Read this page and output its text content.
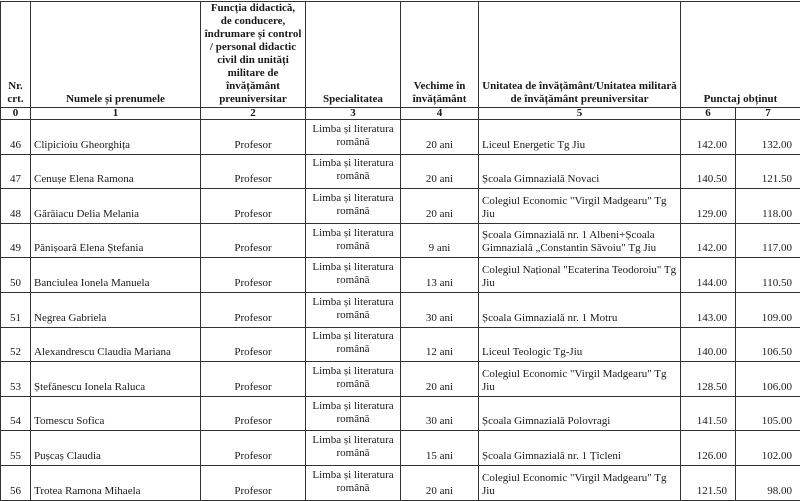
Nr. crt.	Numele și prenumele	Funcția didactică, de conducere, îndrumare și control / personal didactic civil din unități militare de învățământ preuniversitar	Specialitatea	Vechime în învățământ	Unitatea de învățământ/Unitatea militară de învățământ preuniversitar	Punctaj obținut	
0	1	2	3	4	5	6	7
46	Clipicioiu Gheorghița	Profesor	Limba și literatura română	20 ani	Liceul Energetic Tg Jiu	142.00	132.00
47	Cenușe Elena Ramona	Profesor	Limba și literatura română	20 ani	Școala Gimnazială Novaci	140.50	121.50
48	Gărăiacu Delia Melania	Profesor	Limba și literatura română	20 ani	Colegiul Economic "Virgil Madgearu" Tg Jiu	129.00	118.00
49	Pănișoară Elena Ștefania	Profesor	Limba și literatura română	9 ani	Școala Gimnazială nr. 1 Albeni+Școala Gimnazială „Constantin Săvoiu" Tg Jiu	142.00	117.00
50	Banciulea Ionela Manuela	Profesor	Limba și literatura română	13 ani	Colegiul Național "Ecaterina Teodoroiu" Tg Jiu	144.00	110.50
51	Negrea Gabriela	Profesor	Limba și literatura română	30 ani	Școala Gimnazială nr. 1 Motru	143.00	109.00
52	Alexandrescu Claudia Mariana	Profesor	Limba și literatura română	12 ani	Liceul Teologic Tg-Jiu	140.00	106.50
53	Ștefănescu Ionela Raluca	Profesor	Limba și literatura română	20 ani	Colegiul Economic "Virgil Madgearu" Tg Jiu	128.50	106.00
54	Tomescu Sofica	Profesor	Limba și literatura română	30 ani	Școala Gimnazială Polovragi	141.50	105.00
55	Pușcaș Claudia	Profesor	Limba și literatura română	15 ani	Școala Gimnazială nr. 1 Țicleni	126.00	102.00
56	Trotea Ramona Mihaela	Profesor	Limba și literatura română	20 ani	Colegiul Economic "Virgil Madgearu" Tg Jiu	121.50	98.00
